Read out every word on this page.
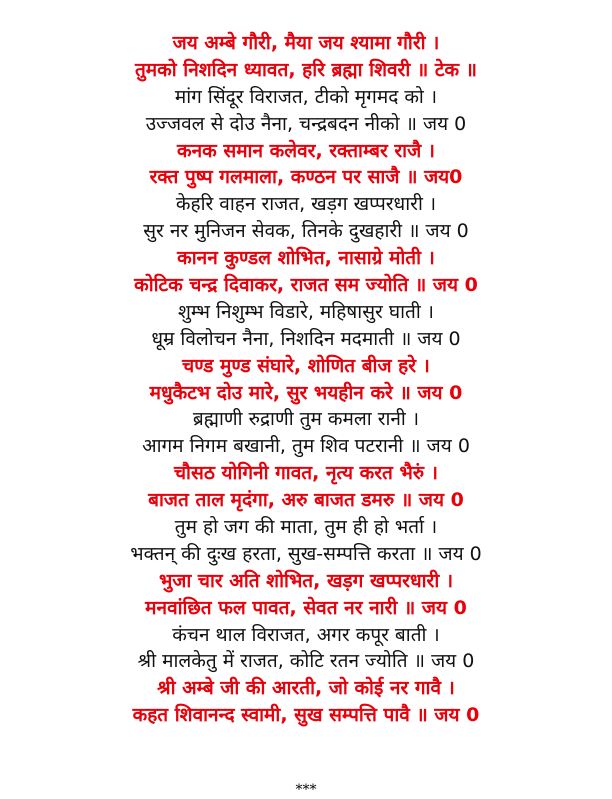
जय अम्बे गौरी, मैया जय श्यामा गौरी ।
तुमको निशदिन ध्यावत, हरि ब्रह्मा शिवरी ॥ टेक ॥
मांग सिंदूर विराजत, टीको मृगमद को ।
उज्जवल से दोउ नैना, चन्द्रबदन नीको ॥ जय 0
कनक समान कलेवर, रक्ताम्बर राजै ।
रक्त पुष्प गलमाला, कण्ठन पर साजै ॥ जय0
केहरि वाहन राजत, खड़ग खप्परधारी ।
सुर नर मुनिजन सेवक, तिनके दुखहारी ॥ जय 0
कानन कुण्डल शोभित, नासाग्रे मोती ।
कोटिक चन्द्र दिवाकर, राजत सम ज्योति ॥ जय 0
शुम्भ निशुम्भ विडारे, महिषासुर घाती ।
धूम्र विलोचन नैना, निशदिन मदमाती ॥ जय 0
चण्ड मुण्ड संघारे, शोणित बीज हरे ।
मधुकैटभ दोउ मारे, सुर भयहीन करे ॥ जय 0
ब्रह्माणी रुद्राणी तुम कमला रानी ।
आगम निगम बखानी, तुम शिव पटरानी ॥ जय 0
चौसठ योगिनी गावत, नृत्य करत भैरुं ।
बाजत ताल मृदंगा, अरु बाजत डमरु ॥ जय 0
तुम हो जग की माता, तुम ही हो भर्ता ।
भक्तन् की दुःख हरता, सुख-सम्पत्ति करता ॥ जय 0
भुजा चार अति शोभित, खड़ग खप्परधारी ।
मनवांछित फल पावत, सेवत नर नारी ॥ जय 0
कंचन थाल विराजत, अगर कपूर बाती ।
श्री मालकेतु में राजत, कोटि रतन ज्योति ॥ जय 0
श्री अम्बे जी की आरती, जो कोई नर गावै ।
कहत शिवानन्द स्वामी, सुख सम्पत्ति पावै ॥ जय 0
***
